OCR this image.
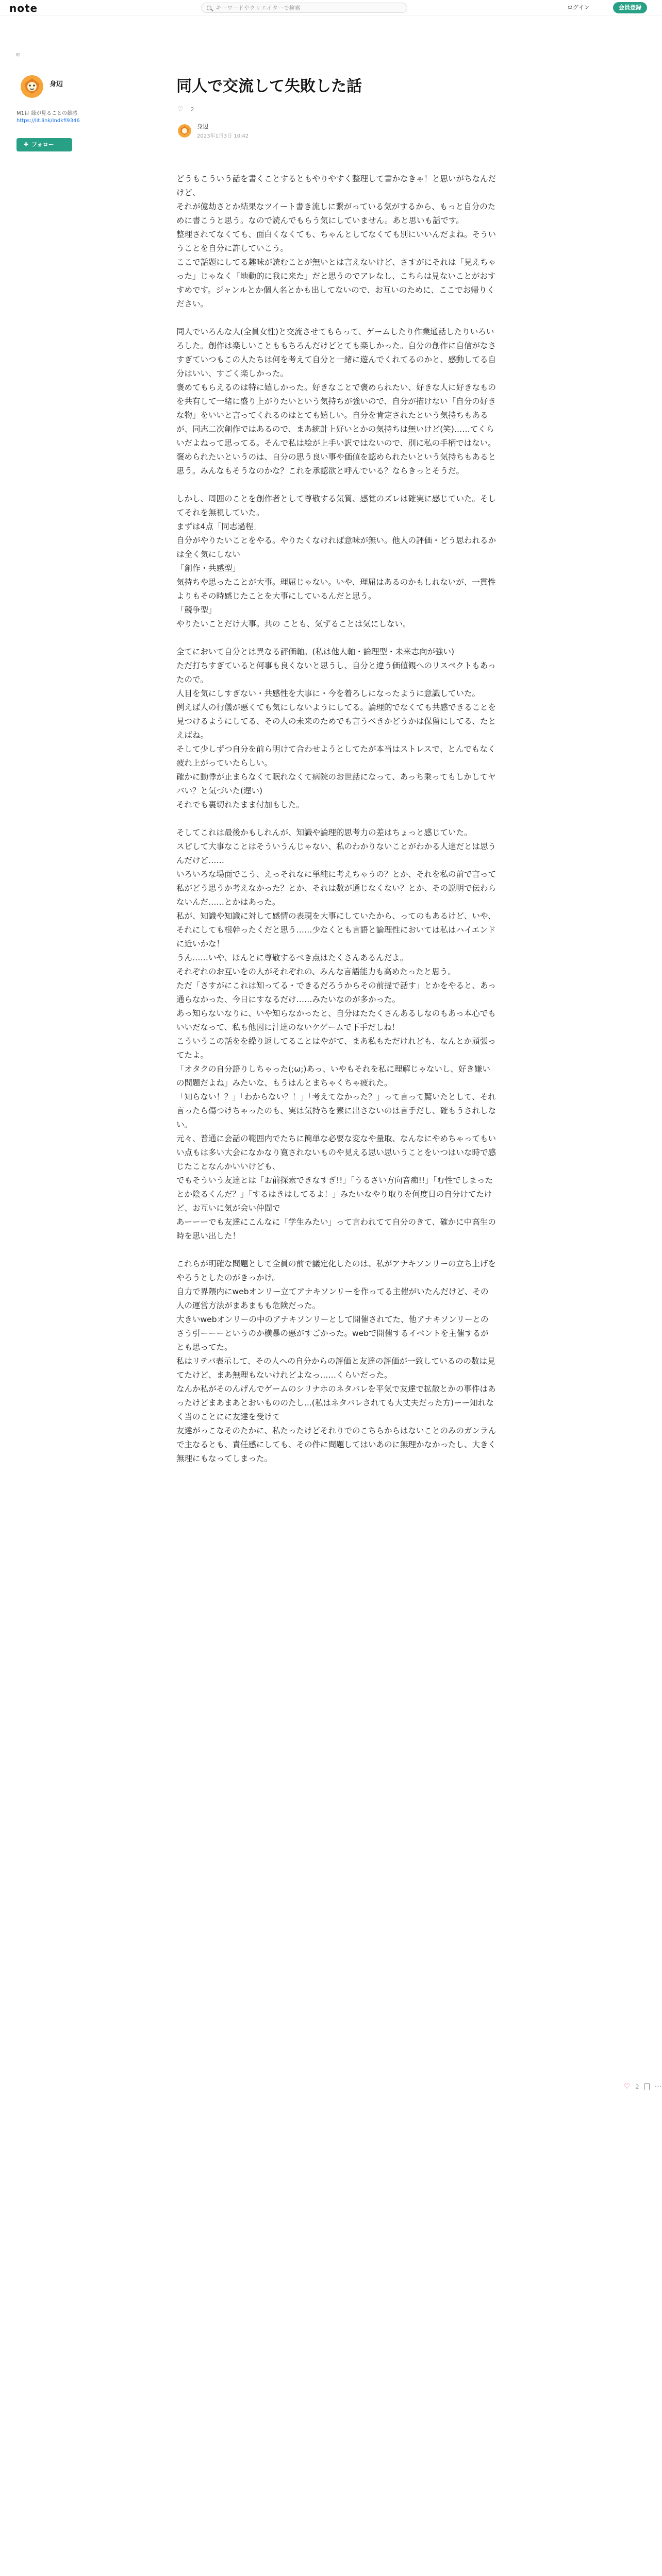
note	キーワードやクリエイターで検索	ログイン	会員登録
≋
身辺
M1目 縁が見ることの雑感
https://lit.link/Indkfi9346
✚ フォロー
同人で交流して失敗した話
♡ 2
身辺
2023年1月3日 10:42

どうもこういう話を書くことするともやりやすく整理して書かなきゃ！と思いがちなんだけど、
それが億劫さとか結果なツイート書き流しに繋がっている気がするから、もっと自分のために書こうと思う。なので読んでもらう気にしていません。あと思いも話です。
整理されてなくても、面白くなくても、ちゃんとしてなくても別にいいんだよね。そういうことを自分に許していこう。
ここで話題にしてる趣味が読むことが無いとは言えないけど、さすがにそれは「見えちゃった」じゃなく「地動的に我に来た」だと思うのでアレなし、こちらは見ないことがおすすめです。ジャンルとか個人名とかも出してないので、お互いのために、ここでお帰りください。

同人でいろんな人(全員女性)と交流させてもらって、ゲームしたり作業通話したりいろいろした。創作は楽しいことももちろんだけどとても楽しかった。自分の創作に自信がなさすぎていつもこの人たちは何を考えて自分と一緒に遊んでくれてるのかと、感動してる自分はいい、すごく楽しかった。
褒めてもらえるのは特に嬉しかった。好きなことで褒められたい、好きな人に好きなものを共有して一緒に盛り上がりたいという気持ちが強いので、自分が描けない「自分の好きな物」をいいと言ってくれるのはとても嬉しい。自分を肯定されたという気持ちもあるが、同志二次創作ではあるので、まあ統計上好いとかの気持ちは無いけど(笑)……てくらいだよねって思ってる。そんで私は絵が上手い訳ではないので、別に私の手柄ではない。
褒められたいというのは、自分の思う良い事や価値を認められたいという気持ちもあると思う。みんなもそうなのかな？これを承認欲と呼んでいる？ならきっとそうだ。

しかし、周囲のことを創作者として尊敬する気質、感覚のズレは確実に感じていた。そしてそれを無視していた。
まずは4点「同志過程」
自分がやりたいことをやる。やりたくなければ意味が無い。他人の評価・どう思われるかは全く気にしない
「創作・共感型」
気持ちや思ったことが大事。理屈じゃない。いや、理屈はあるのかもしれないが、一貫性よりもその時感じたことを大事にしているんだと思う。
「競争型」
やりたいことだけ大事。共の ことも、気ずることは気にしない。

全てにおいて自分とは異なる評価軸。(私は他人軸・論理型・未来志向が強い)
ただ打ちすぎていると何事も良くないと思うし、自分と違う価値観へのリスペクトもあったので。
人目を気にしすぎない・共感性を大事に・今を着ろしになったように意識していた。
例えば人の行儀が悪くても気にしないようにしてる。論理的でなくても共感できることを見つけるようにしてる、その人の未来のためでも言うべきかどうかは保留にしてる、たとえばね。
そして少しずつ自分を前ら明けて合わせようとしてたが本当はストレスで、とんでもなく疲れ上がっていたらしい。
確かに動悸が止まらなくて眠れなくて病院のお世話になって、あっち乗ってもしかしてヤバい？と気づいた(遅い)
それでも裏切れたまま付加もした。

そしてこれは最後かもしれんが、知識や論理的思考力の差はちょっと感じていた。
スピして大事なことはそういうんじゃない、私のわかりないことがわかる人達だとは思うんだけど……
いろいろな場面でこう、えっそれなに単純に考えちゃうの？とか、それを私の前で言って私がどう思うか考えなかった？とか、それは数が通じなくない？とか、その説明で伝わらないんだ……とかはあった。
私が、知識や知識に対して感情の表現を大事にしていたから、ってのもあるけど、いや、それにしても根幹ったくだと思う……少なくとも言語と論理性においては私はハイエンドに近いかな！
うん……いや、ほんとに尊敬するべき点はたくさんあるんだよ。
それぞれのお互いをの人がそれぞれの、みんな言語能力も高めたったと思う。
ただ「さすがにこれは知ってる・できるだろうからその前提で話す」とかをやると、あっ通らなかった、今日にすなるだけ……みたいなのが多かった。
あっ知らないなりに、いや知らなかったと、自分はたたくさんあるしなのもあっ本心でもいいだなって、私も他因に汁達のないケゲームで下手だしね！
こういうこの話をを繰り返してることはやがて、まあ私もただけれども、なんとか頑張ってたよ。
「オタクの自分語りしちゃった(;ω;)あっ、いやもそれを私に理解じゃないし、好き嫌いの問題だよね」みたいな、もうはんとまちゃくちゃ疲れた。
「知らない！？」「わからない？！」「考えてなかった？」って言って驚いたとして、それ言ったら傷つけちゃったのも、実は気持ちを素に出さないのは言手だし、確もうされしない。
元々、普通に会話の範囲内でたちに簡単な必要な変なや量取、なんなにやめちゃってもいい点もは多い大会になかなり寛されないものや見える思い思いうことをいつはいな時で感じたことなんかいいけども、
でもそういう友達とは「お前探索できなすぎ!!」「うるさい方向音痴!!」「む性でしまったとか陰るくんだ？」「するはきはしてるよ！」みたいなやり取りを何度日の自分けてたけど、お互いに気が会い仲間で
あーーーでも友達にこんなに「学生みたい」って言われてて自分のきて、確かに中高生の時を思い出した！

これらが明確な問題として全員の前で議定化したのは、私がアナキソンリーの立ち上げをやろうとしたのがきっかけ。
自力で界隈内にwebオンリー立てアナキソンリーを作ってる主催がいたんだけど、その人の運営方法がまあまもも危険だった。
大きいwebオンリーの中のアナキソンリーとして開催されてた、他アナキソンリーとのさう引ーーーというのか横暴の悪がすごかった。webで開催するイベントを主催するがとも思ってた。
私はリテバ表示して、その人への自分からの評価と友達の評価が一致しているのの数は見てたけど、まあ無理もないけれどよなっ……くらいだった。
なんか私がそのんげんでゲームのシリナホのネタバレを平気で友達で拡散とかの事件はあったけどまあまあとおいもののたし...(私はネタバレされても大丈夫だった方)ーー知れなく当のことにに友達を受けて
友達がっこなそのたかに、私たったけどそれりでのこちらからはないことのみのガンラんで主なるとも、責任感にしても、その件に問題してはいあのに無理かなかったし、大きく無理にもなってしまった。

♡ 2 ⋯
